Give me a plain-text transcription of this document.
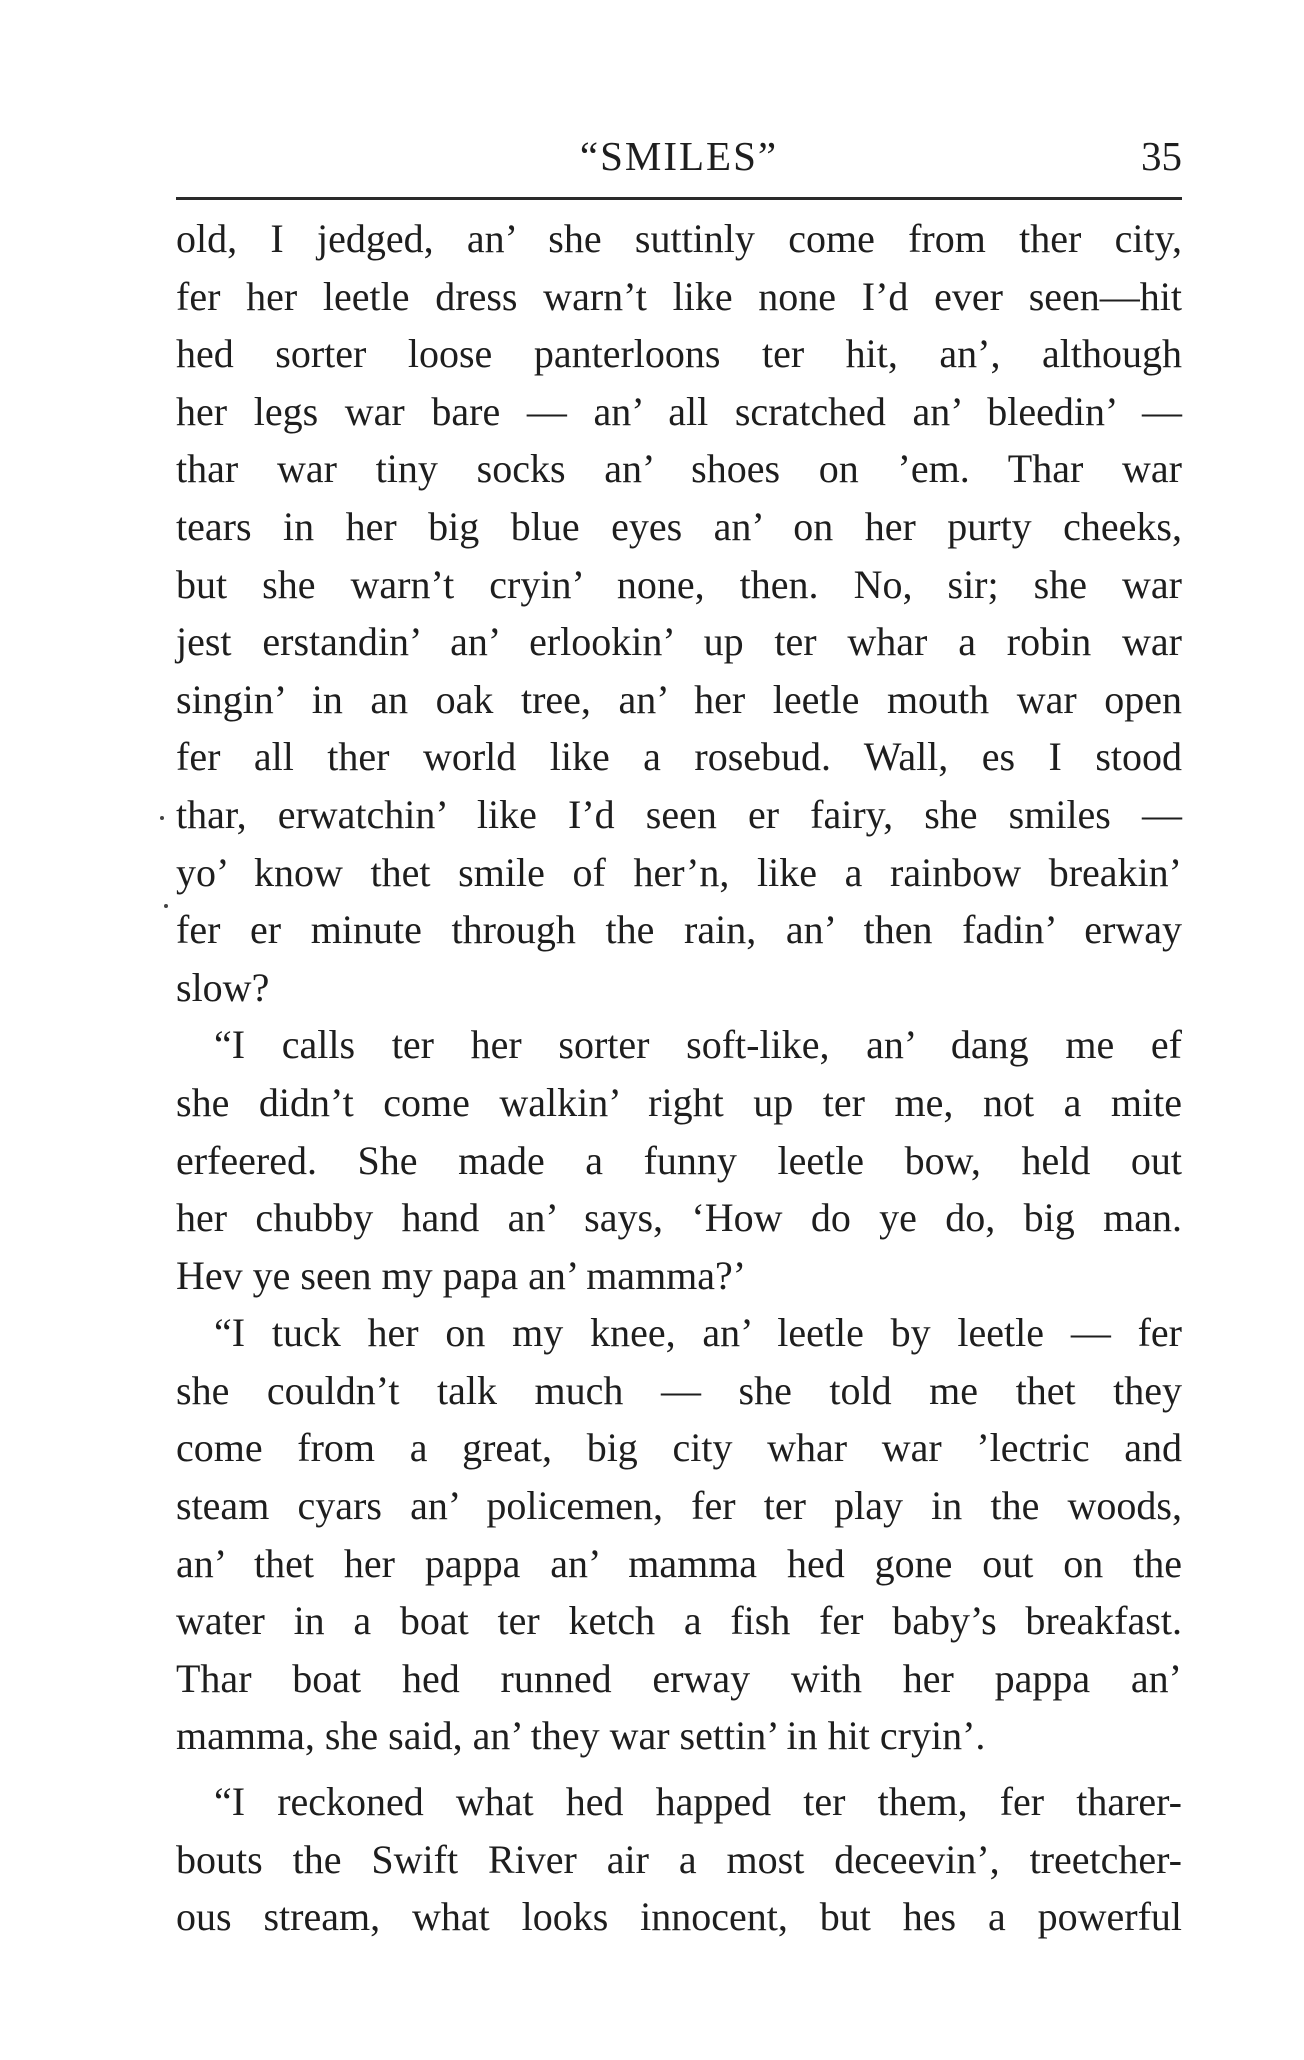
“SMILES”	35
old, I jedged, an’ she suttinly come from ther city,
fer her leetle dress warn’t like none I’d ever seen—hit
hed sorter loose panterloons ter hit, an’, although
her legs war bare — an’ all scratched an’ bleedin’ —
thar war tiny socks an’ shoes on ’em. Thar war
tears in her big blue eyes an’ on her purty cheeks,
but she warn’t cryin’ none, then. No, sir; she war
jest erstandin’ an’ erlookin’ up ter whar a robin war
singin’ in an oak tree, an’ her leetle mouth war open
fer all ther world like a rosebud. Wall, es I stood
thar, erwatchin’ like I’d seen er fairy, she smiles —
yo’ know thet smile of her’n, like a rainbow breakin’
fer er minute through the rain, an’ then fadin’ erway
slow?
“I calls ter her sorter soft-like, an’ dang me ef
she didn’t come walkin’ right up ter me, not a mite
erfeered. She made a funny leetle bow, held out
her chubby hand an’ says, ‘How do ye do, big man.
Hev ye seen my papa an’ mamma?’
“I tuck her on my knee, an’ leetle by leetle — fer
she couldn’t talk much — she told me thet they
come from a great, big city whar war ’lectric and
steam cyars an’ policemen, fer ter play in the woods,
an’ thet her pappa an’ mamma hed gone out on the
water in a boat ter ketch a fish fer baby’s breakfast.
Thar boat hed runned erway with her pappa an’
mamma, she said, an’ they war settin’ in hit cryin’.
“I reckoned what hed happed ter them, fer tharer-
bouts the Swift River air a most deceevin’, treetcher-
ous stream, what looks innocent, but hes a powerful
